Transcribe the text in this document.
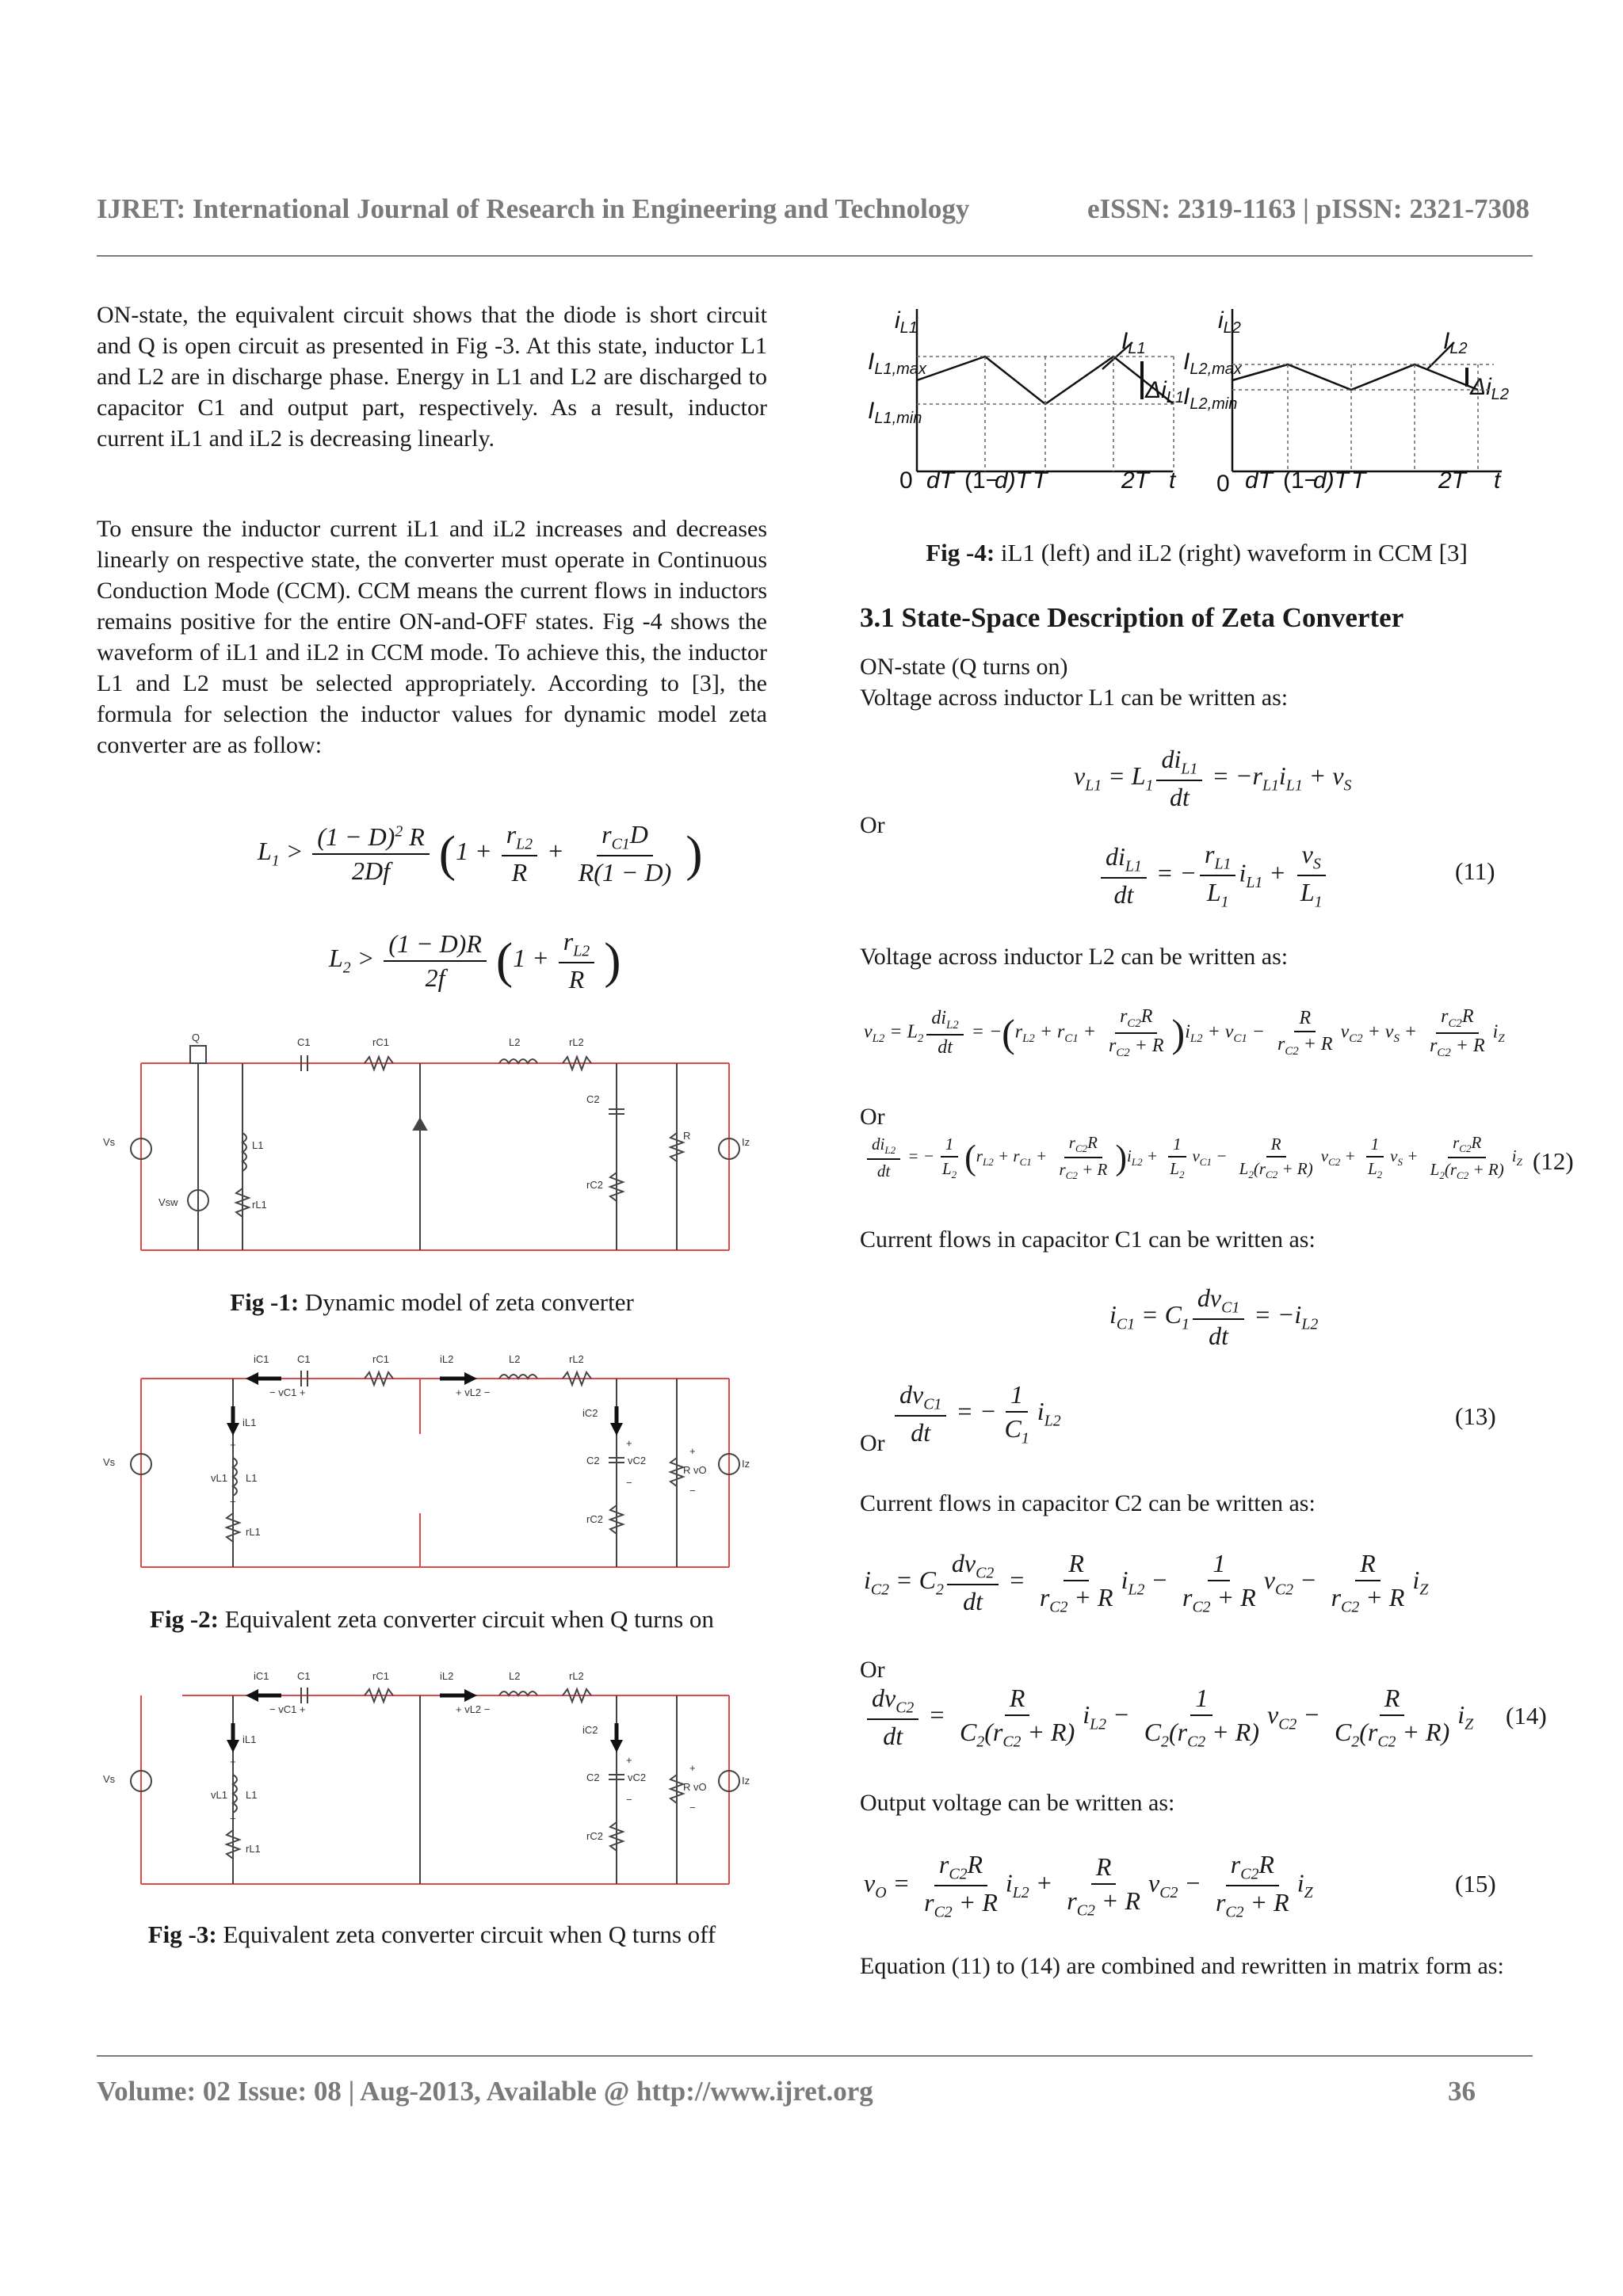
IJRET: International Journal of Research in Engineering and Technology	eISSN: 2319-1163 | pISSN: 2321-7308
ON-state, the equivalent circuit shows that the diode is short circuit and Q is open circuit as presented in Fig -3. At this state, inductor L1 and L2 are in discharge phase. Energy in L1 and L2 are discharged to capacitor C1 and output part, respectively. As a result, inductor current iL1 and iL2 is decreasing linearly.
To ensure the inductor current iL1 and iL2 increases and decreases linearly on respective state, the converter must operate in Continuous Conduction Mode (CCM). CCM means the current flows in inductors remains positive for the entire ON-and-OFF states. Fig -4 shows the waveform of iL1 and iL2 in CCM mode. To achieve this, the inductor L1 and L2 must be selected appropriately. According to [3], the formula for selection the inductor values for dynamic model zeta converter are as follow:
$L_1 > \frac{(1 - D)^2 R}{2Df} (1 + \frac{r_{L2}}{R} + \frac{r_{C1}D}{R(1 - D)}$ )
$L_2 > \frac{(1 - D)R}{2f} (1 + \frac{r_{L2}}{R}$ )
Q	C1	rC1	L2	rL2
L1
rL1
C2
rC2
R
Iz
Vs
Vsw
Fig -1: Dynamic model of zeta converter
iC1	C1	rC1	iL2	L2	rL2
− vC1 +	+ vL2 −
iL1
+
vL1 L1
−
rL1
iC2
C2	vC2
+
−
rC2
R vO
+
−
Iz
Vs
Fig -2: Equivalent zeta converter circuit when Q turns on
iC1	C1	rC1	iL2	L2	rL2
− vC1 +	+ vL2 −
iL1
+
vL1 L1
−
rL1
iC2
C2	vC2
+
−
rC2
R vO
+
−
Iz
Vs
Fig -3: Equivalent zeta converter circuit when Q turns off
$i_{L1}$
$I_{L1,max}$
$I_{L1,min}$
$I_{L1}$
$\Delta i_{L1}$
0 dT (1−
d)T T	2T t
$i_{L2}$
$I_{L2,max}$
$I_{L2,min}$
$I_{L2}$
$\Delta i_{L2}$
0 dT (1−
d)T T	2T t
Fig -4: iL1 (left) and iL2 (right) waveform in CCM [3]
3.1 State-Space Description of Zeta Converter
ON-state (Q turns on)
Voltage across inductor L1 can be written as:
$v_{L1} = L_1 \frac{di_{L1}}{dt} = -r_{L1}i_{L1} + v_S$
Or
$\frac{di_{L1}}{dt}$ = − $\frac{r_{L1}}{L_1} i_{L1} + \frac{v_S}{L_1}$	(11)
Voltage across inductor L2 can be written as:
$v_{L2} = L_2 \frac{di_{L2}}{dt} = -(r_{L2} + r_{C1} + \frac{r_{C2}R}{r_{C2} + R} )i_{L2} + v_{C1} - \frac{R}{r_{C2} + R} v_{C2} + v_S + \frac{r_{C2}R}{r_{C2} + R} i_Z$
Or
$\frac{di_{L2}}{dt}$ = − $\frac{1}{L_2} (r_{L2} + r_{C1} + \frac{r_{C2}R}{r_{C2} + R} )i_{L2} + \frac{1}{L_2} v_{C1} - \frac{R}{L_2(r_{C2} + R)} v_{C2} + \frac{1}{L_2} v_S + \frac{r_{C2}R}{L_2(r_{C2} + R)} i_Z$ (12)
Current flows in capacitor C1 can be written as:
$i_{C1} = C_1 \frac{dv_{C1}}{dt} = -i_{L2}$
$\frac{dv_{C1}}{dt}$ = − $\frac{1}{C_1} i_{L2}$
Or
(13)
Current flows in capacitor C2 can be written as:
$i_{C2} = C_2 \frac{dv_{C2}}{dt} = \frac{R}{r_{C2} + R} i_{L2} - \frac{1}{r_{C2} + R} v_{C2} - \frac{R}{r_{C2} + R} i_Z$
Or
$\frac{dv_{C2}}{dt} = \frac{R}{C_2(r_{C2} + R)} i_{L2} - \frac{1}{C_2(r_{C2} + R)} v_{C2} - \frac{R}{C_2(r_{C2} + R)} i_Z$ (14)
Output voltage can be written as:
$v_O = \frac{r_{C2}R}{r_{C2} + R} i_{L2} + \frac{R}{r_{C2} + R} v_{C2} - \frac{r_{C2}R}{r_{C2} + R} i_Z$	(15)
Equation (11) to (14) are combined and rewritten in matrix form as:
Volume: 02 Issue: 08 | Aug-2013, Available @ http://www.ijret.org	36
